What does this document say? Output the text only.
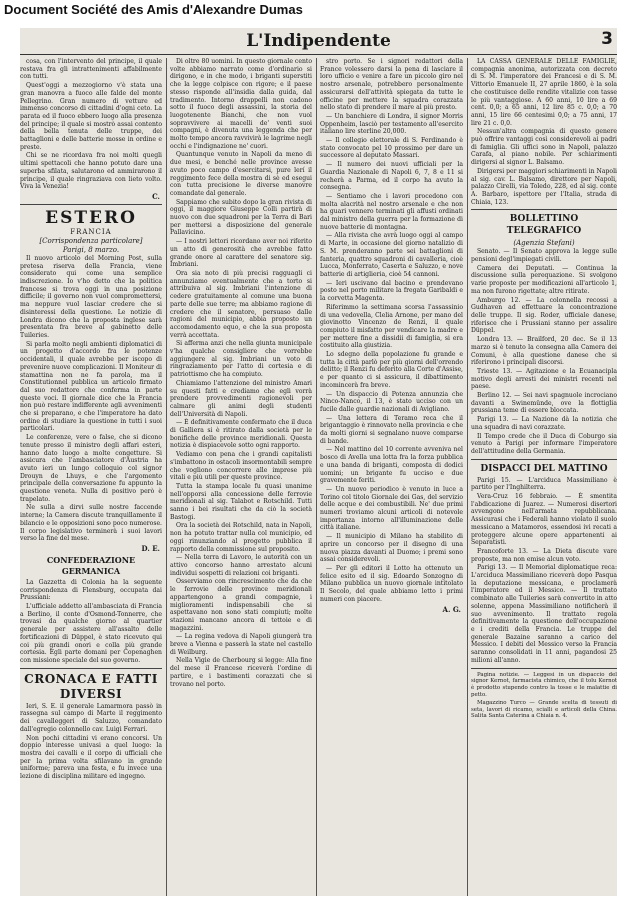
Document Société des Amis d'Alexandre Dumas
L'Indipendente	3

cosa, con l'intervento del principe, il quale restava fra gli intrattenimenti affabilmente con tutti.

Quest'oggi a mezzogiorno v'è stata una gran manovra a fuoco alle falde del monte Pellegrino. Gran numero di vetture ed immenso concorso di cittadini d'ogni ceto. La parata ed il fuoco ebbero luogo alla presenza del principe; il quale si mostrò assai contento della bella tenuta delle truppe, dei battaglioni e delle batterie mosse in ordine e preste.

Chi se ne ricordava fra noi molti quegli ultimi spettacoli che hanno potuto dare una superba sfilata, salutarono ed ammirarono il principe, il quale ringraziava con lieto volto. Viva la Venezia!

C.
ESTERO
FRANCIA
[Corrispondenza particolare]
Parigi, 8 marzo.

Il nuovo articolo del Morning Post, sulla pretesa riserva della Francia, viene considerato qui come una semplice indiscrezione. Io v'ho detto che la politica francese si trova oggi in una posizione difficile; il governo non vuol compromettersi, ma neppure vuol lasciar credere che si disinteressi della questione. Le notizie di Londra dicono che la proposta inglese sarà presentata fra breve al gabinetto delle Tuileries.

Si parla molto negli ambienti diplomatici di un progetto d'accordo fra le potenze occidentali, il quale avrebbe per iscopo di prevenire nuove complicazioni. Il Moniteur di stamattina non ne fa parola, ma il Constitutionnel pubblica un articolo firmato dal suo redattore che conferma in parte queste voci. Il giornale dice che la Francia non può restare indifferente agli avvenimenti che si preparano, e che l'imperatore ha dato ordine di studiare la questione in tutti i suoi particolari.

Le conferenze, vere o false, che si dicono tenute presso il ministro degli affari esteri, hanno dato luogo a molte congetture. Si assicura che l'ambasciatore d'Austria ha avuto ieri un lungo colloquio col signor Drouyn de Lhuys, e che l'argomento principale della conversazione fu appunto la questione veneta. Nulla di positivo però è trapelato.

Ne sulla a dirvi sulle nostre faccende interne; la Camera discute tranquillamente il bilancio e le opposizioni sono poco numerose. Il corpo legislativo terminerà i suoi lavori verso la fine del mese.

D. E.
CONFEDERAZIONE GERMANICA

La Gazzetta di Colonia ha la seguente corrispondenza di Flensburg, occupata dai Prussiani:

L'ufficiale addetto all'ambasciata di Francia a Berlino, il conte d'Osmond-Tonnerre, che trovasi da qualche giorno al quartier generale per assistere all'assalto delle fortificazioni di Düppel, è stato ricevuto qui coi più grandi onori e colla più grande cortesia. Egli parte domani per Copenaghen con missione speciale del suo governo.

CRONACA E FATTI DIVERSI

Ieri, S. E. il generale Lamarmora passò in rassegna sul campo di Marte il reggimento dei cavalleggeri di Saluzzo, comandato dall'egregio colonnello cav. Luigi Ferrari.

Non pochi cittadini vi erano concorsi. Un doppio interesse univasi a quel luogo: la mostra dei cavalli e il corpo di ufficiali che per la prima volta sfilavano in grande uniforme; pareva una festa, e fu invece una lezione di disciplina militare ed ingegno.

Di oltre 80 uomini. In questo giornale cento volte abbiamo narrato come d'ordinario si dirigono, e in che modo, i briganti superstiti che la legge colpisce con rigore; e il paese stesso risponde all'insidia dalla guida, dal tradimento. Intorno drappelli non cadono sotto il fuoco degli assassini, la storia del luogotenente Bianchi, che non vuol sopravvivere ai macelli de' venti suoi compagni, è divenuta una leggenda che per molto tempo ancora ravvivirà le lagrime negli occhi e l'indignazione ne' cuori.

Quantunque venuto in Napoli da meno di due mesi, e benché nelle province avesse avuto poco campo d'esercitarsi, pure lerí il reggimento fece della mostra di sè ed esegui con tutta precisione le diverse manovre comandate dal generale.

Sappiamo che subito dopo la gran rivista di oggi, il maggiore Giuseppe Colli partirà di nuovo con due squadroni per la Terra di Bari per mettersi a disposizione del generale Pallavicino.

— I nostri lettori ricordano aver noi riferito un atto di generosità che avrebbe fatto grande onore al carattere del senatore sig. Imbriani.

Ora sia noto di più precisi ragguagli ci annunziamo eventualmente che a torto si attribuiva al sig. Imbriani l'intenzione di cedere gratuitamente al comune una buona parte delle sue terre; ma abbiamo ragione di credere che il senatore, persuaso dalle ragioni del municipio, abbia proposto un accomodamento equo, e che la sua proposta verrà accettata.

Si afferma anzi che nella giunta municipale v'ha qualche consigliere che vorrebbe aggiungere al sig. Imbriani un voto di ringraziamento per l'atto di cortesia e di patriottismo che ha compiuto.

Chiamiamo l'attenzione del ministro Amari su questi fatti e crediamo che egli vorrà prendere provvedimenti ragionevoli per calmare gli animi degli studenti dell'Università di Napoli.

— È definitivamente confermato che il duca di Galliera si è ritirato dalla società per le bonifiche delle province meridionali. Questa notizia è dispiacevole sotto ogni rapporto.

Vediamo con pena che i grandi capitalisti s'imbattono in ostacoli insormontabili sempre che vogliono concorrere alle imprese più vitali e più utili per queste province.

Tutta la stampa locale fu quasi unanime nell'opporsi alla concessione delle ferrovie meridionali al sig. Talabot e Rotschild. Tutti sanno i bei risultati che da ciò la società Bastogi.

Ora la società dei Rotschild, nata in Napoli, non ha potuto trattar nulla col municipio, ed oggi rinunziando al progetto pubblica il rapporto della commissione sul proposito.

— Nella terra di Lavoro, le autorità con un attivo concorso hanno arrestato alcuni individui sospetti di relazioni coi briganti.

Osserviamo con rincrescimento che da che le ferrovie delle province meridionali appartengono a grandi compagnie, i miglioramenti indispensabili che si aspettavano non sono stati compiuti; molte stazioni mancano ancora di tettoie e di magazzini.

— La regina vedova di Napoli giungerà tra breve a Vienna e passerà la state nel castello di Weilburg.

Nella Vigie de Cherbourg si legge: Alla fine del mese il Francese riceverà l'ordine di partire, e i bastimenti corazzati che si trovano nel porto.

stro porto. Se i signori redattori della France volessero darsi la pena di lasciare il loro ufficio e venire a fare un piccolo giro nel nostro arsenale, potrebbero personalmente assicurarsi dell'attività spiegata da tutte le officine per mettere la squadra corazzata nello stato di prendere il mare al più presto.

— Un banchiere di Londra, il signor Morris Oppenheim, lasciò per testamento all'esercito italiano lire sterline 20,000.

— Il collegio elettorale di S. Ferdinando è stato convocato pel 10 prossimo per dare un successore al deputato Massari.

— Il numero dei nuovi ufficiali per la Guardia Nazionale di Napoli 6, 7, 8 e 11 si recherà a Parma, ed il corpo ha avuto la consegna.

— Sentiamo che i lavori procedono con molta alacrità nel nostro arsenale e che non ha guari vennero terminati gli affusti ordinati dal ministro della guerra per la formazione di nuove batterie di montagna.

— Alla rivista che avrà luogo oggi al campo di Marte, in occasione del giorno natalizio di S. M. prenderanno parte sei battaglioni di fanteria, quattro squadroni di cavalleria, cioè Lucca, Monferrato, Caserta e Saluzzo, e nove batterie di artiglieria, cioè 54 cannoni.

— Ieri uscivano dal bacino e prendevano posto nel porto militare la fregata Garibaldi e la corvetta Magenta.

Riferimmo la settimana scorsa l'assassinio di una vedovella, Clelia Arnone, per mano del giovinotto Vincenzo de Renzi, il quale compiuto il misfatto per vendicare la madre e per mettere fine a dissidii di famiglia, si era costituito alla giustizia.

Lo sdegno della popolazione fu grande e tutta la città parlò per più giorni dell'orrendo delitto; il Renzi fu deferito alla Corte d'Assise, e per quanto ci si assicura, il dibattimento incomincerà fra breve.

— Un dispaccio di Potenza annunzia che Ninco-Nanco, il 13, è stato ucciso con un fucile dalle guardie nazionali di Avigliano.

— Una lettera di Teramo reca che il brigantaggio è rinnovato nella provincia e che da molti giorni si segnalano nuove comparse di bande.

— Nel mattino del 10 corrente avveniva nel bosco di Avella una lotta fra la forza pubblica e una banda di briganti, composta di dodici uomini; un brigante fu ucciso e due gravemente feriti.

— Un nuovo periodico è venuto in luce a Torino col titolo Giornale dei Gas, del servizio delle acque e dei combustibili. Ne' due primi numeri troviamo alcuni articoli di notevole importanza intorno all'illuminazione delle città italiane.

— Il municipio di Milano ha stabilito di aprire un concorso per il disegno di una nuova piazza davanti al Duomo; i premi sono assai considerevoli.

— Per gli editori il Lotto ha ottenuto un felice esito ed il sig. Edoardo Sonzogno di Milano pubblica un nuovo giornale intitolato Il Secolo, del quale abbiamo letto i primi numeri con piacere.

A. G.

LA CASSA GENERALE DELLE FAMIGLIE, compagnia anonima, autorizzata con decreto di S. M. l'imperatore dei Francesi e di S. M. Vittorio Emanuele II, 27 aprile 1860, è la sola che costituisce delle rendite vitalizie con tasse le più vantaggiose. A 60 anni, 10 lire a 69 cent. 0,0; a 65 anni, 12 lire 85 c. 0,0; a 70 anni, 15 lire 66 centesimi 0,0; a 75 anni, 17 lire 21 c. 0,0.

Nessun'altra compagnia di questo genere può offrire vantaggi così considerevoli ai padri di famiglia. Gli uffici sono in Napoli, palazzo Carafa, al piano nobile. Per schiarimenti dirigersi al signor L. Balsamo.

Dirigersi per maggiori schiarimenti in Napoli al sig. cav. L. Balsamo, direttore per Napoli, palazzo Cirelli, via Toledo, 228, ed al sig. conte A. Barbaro, ispettore per l'Italia, strada di Chiaia, 123.

BOLLETTINO TELEGRAFICO
(Agenzia Stefani)

Senato. — Il Senato approva la legge sulle pensioni degl'impiegati civili.

Camera dei Deputati. — Continua la discussione sulla perequazione. Si svolgono varie proposte per modificazioni all'articolo 1, ma non furono rigettate; altre ritirate.

Amburgo 12. — La colonnella recossi a Gudhaven ad effettuare la concentrazione delle truppe. Il sig. Roder, ufficiale danese, riferisce che i Prussiani stanno per assalire Düppel.

Londra 13. — Brailford, 20 dec. Se il 13 marzo si è tenuto la consegna alla Camera dei Comuni, è alla questione danese che si riferirono i principali discorsi.

Trieste 13. — Agitazione e la Ecuanacipla motivo degli arresti dei ministri recenti nel paese.

Berlino 12. — Sei navi spagnuole incrociano davanti a Swinemünde, ove la flottiglia prussiana teme di essere bloccata.

Parigi 13. — La Nazione dà la notizia che una squadra di navi corazzate.

Il Tempo crede che il Duca di Coburgo sia venuto a Parigi per informare l'imperatore dell'attitudine della Germania.

DISPACCI DEL MATTINO

Parigi 15. — L'arciduca Massimiliano è partito per l'Inghilterra.

Vera-Cruz 16 febbraio. — È smentita l'abdicazione di Juarez. — Numerosi disertori avvengono nell'armata repubblicana. Assicurasi che i Federali hanno violato il suolo messicano a Matamoros, essendosi ivi recati a proteggere alcune opere appartenenti ai Separatisti.

Francoforte 13. — La Dieta discute vare proposte, ma non emise alcun voto.

Parigi 13. — Il Memorial diplomatique reca: L'arciduca Massimiliano riceverà dopo Pasqua la deputazione messicana, e proclamerà l'imperatore ed il Messico. — Il trattato combinato alle Tuileries sarà convertito in atto solenne, appena Massimiliano notificherà il suo avvenimento. Il trattato regola definitivamente la questione dell'occupazione e i crediti della Francia. Le truppe del generale Bazaine saranno a carico del Messico. I debiti del Messico verso la Francia saranno consolidati in 11 anni, pagandosi 25 milioni all'anno.

Pagina notizie. — Leggesi in un dispaccio del signor Kernot, farmacista chimico, che il tolu Kernot è prodotto stupendo contro la tosse e le malattie di petto.

Magazzino Turco — Grande scelta di tessuti di seta, lavori di ricamo, scialli e articoli della China. Salita Santa Caterina a Chiaia n. 4.
